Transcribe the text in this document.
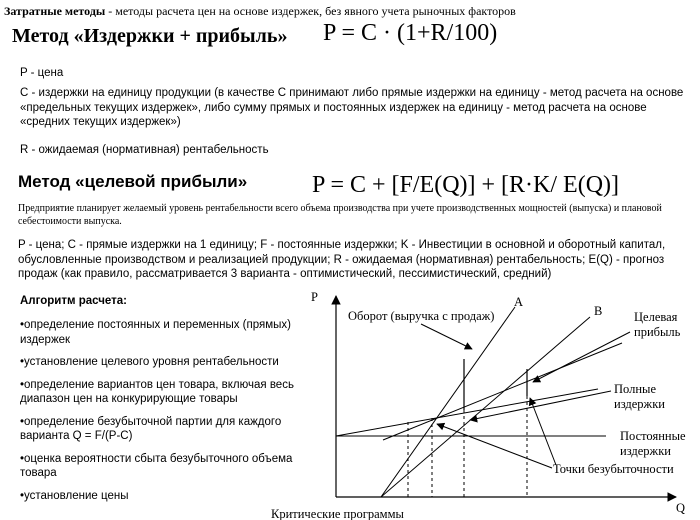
Затратные методы - методы расчета цен на основе издержек, без явного учета рыночных факторов

Метод «Издержки + прибыль» P = C · (1+R/100)

P - цена

С - издержки на единицу продукции (в качестве С принимают либо прямые издержки на единицу - метод расчета на основе «предельных текущих издержек», либо сумму прямых и постоянных издержек на единицу - метод расчета на основе «средних текущих издержек»)

R - ожидаемая (нормативная) рентабельность

Метод «целевой прибыли»	P = C + [F/E(Q)] + [R·K/ E(Q)]

Предприятие планирует желаемый уровень рентабельности всего объема производства при учете производственных мощностей (выпуска) и плановой себестоимости выпуска.

P - цена; C - прямые издержки на 1 единицу; F - постоянные издержки; K - Инвестиции в основной и оборотный капитал, обусловленные производством и реализацией продукции; R - ожидаемая (нормативная) рентабельность; E(Q) - прогноз продаж (как правило, рассматривается 3 варианта - оптимистический, пессимистический, средний)

Алгоритм расчета:

•определение постоянных и переменных (прямых) издержек
•установление целевого уровня рентабельности
•определение вариантов цен товара, включая весь диапазон цен на конкурирующие товары
•определение безубыточной партии для каждого варианта Q = F/(P-C)
•оценка вероятности сбыта безубыточного объема товара
•установление цены
P
Q
A
B
Оборот (выручка с продаж)	Целевая
прибыль
Полные
издержки
Постоянные
издержки
Точки безубыточности
Критические программы
